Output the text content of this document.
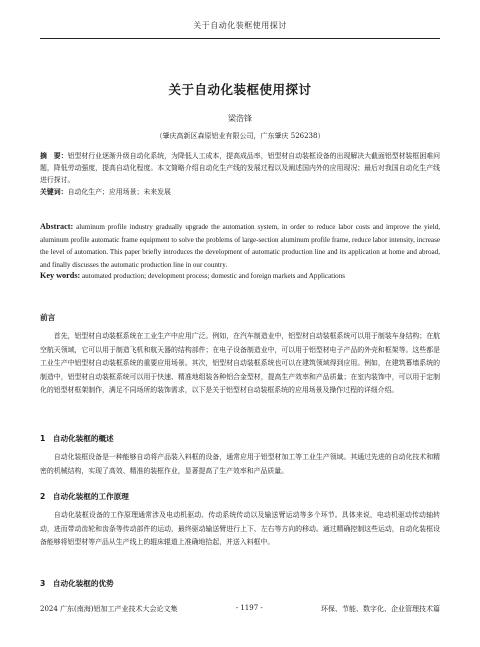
关于自动化装框使用探讨
关于自动化装框使用探讨
梁浩锋
（肇庆高新区森原铝业有限公司，广东肇庆 526238）
摘　要：铝型材行业逐渐升级自动化系统，为降低人工成本，提高成品率，铝型材自动装框设备的出现解决大截面铝型材装框困难问题，降低劳动强度，提高自动化程度。本文简略介绍自动化生产线的发展过程以及阐述国内外的应用现况；最后对我国自动化生产线进行探讨。
关键词：自动化生产；应用场景；未来发展
Abstract: aluminum profile industry gradually upgrade the automation system, in order to reduce labor costs and improve the yield, aluminum profile automatic frame equipment to solve the problems of large-section aluminum profile frame, reduce labor intensity, increase the level of automation. This paper briefly introduces the development of automatic production line and its application at home and abroad, and finally discusses the automatic production line in our country.
Key words: automated production; development process; domestic and foreign markets and Applications
前言
首先，铝型材自动装框系统在工业生产中应用广泛。例如，在汽车制造业中，铝型材自动装框系统可以用于制装车身结构；在航空航天领域，它可以用于制造飞机和航天器的结构部件；在电子设备制造业中，可以用于铝型材电子产品的外壳和框架等。这些都是工业生产中铝型材自动装框系统的重要应用场景。其次，铝型材自动装框系统也可以在建筑领域得到应用。例如，在建筑幕墙系统的制造中，铝型材自动装框系统可以用于快速、精准地组装各种铝合金型材，提高生产效率和产品质量；在室内装饰中，可以用于定制化的铝型材框架制作，满足不同场所的装饰需求，以下是关于铝型材自动装框系统的应用场景及操作过程的详细介绍。
1　自动化装框的概述
自动化装框设备是一种能够自动将产品装入料框的设备，通常应用于铝型材加工等工业生产领域。其通过先进的自动化技术和精密的机械结构，实现了高效、精准的装框作业，显著提高了生产效率和产品质量。
2　自动化装框的工作原理
自动化装框设备的工作原理通常涉及电动机驱动、传动系统传动以及输送臂运动等多个环节。具体来说，电动机驱动传动轴转动，进而带动齿轮和齿条等传动部件的运动，最终驱动输送臂进行上下、左右等方向的移动。通过精确控制这些运动，自动化装框设备能够将铝型材等产品从生产线上的辊床辊道上准确地拾起，并送入料框中。
3　自动化装框的优势
2024 广东(南海)铝加工产业技术大会论文集	- 1197 -	环保、节能、数字化、企业管理技术篇
